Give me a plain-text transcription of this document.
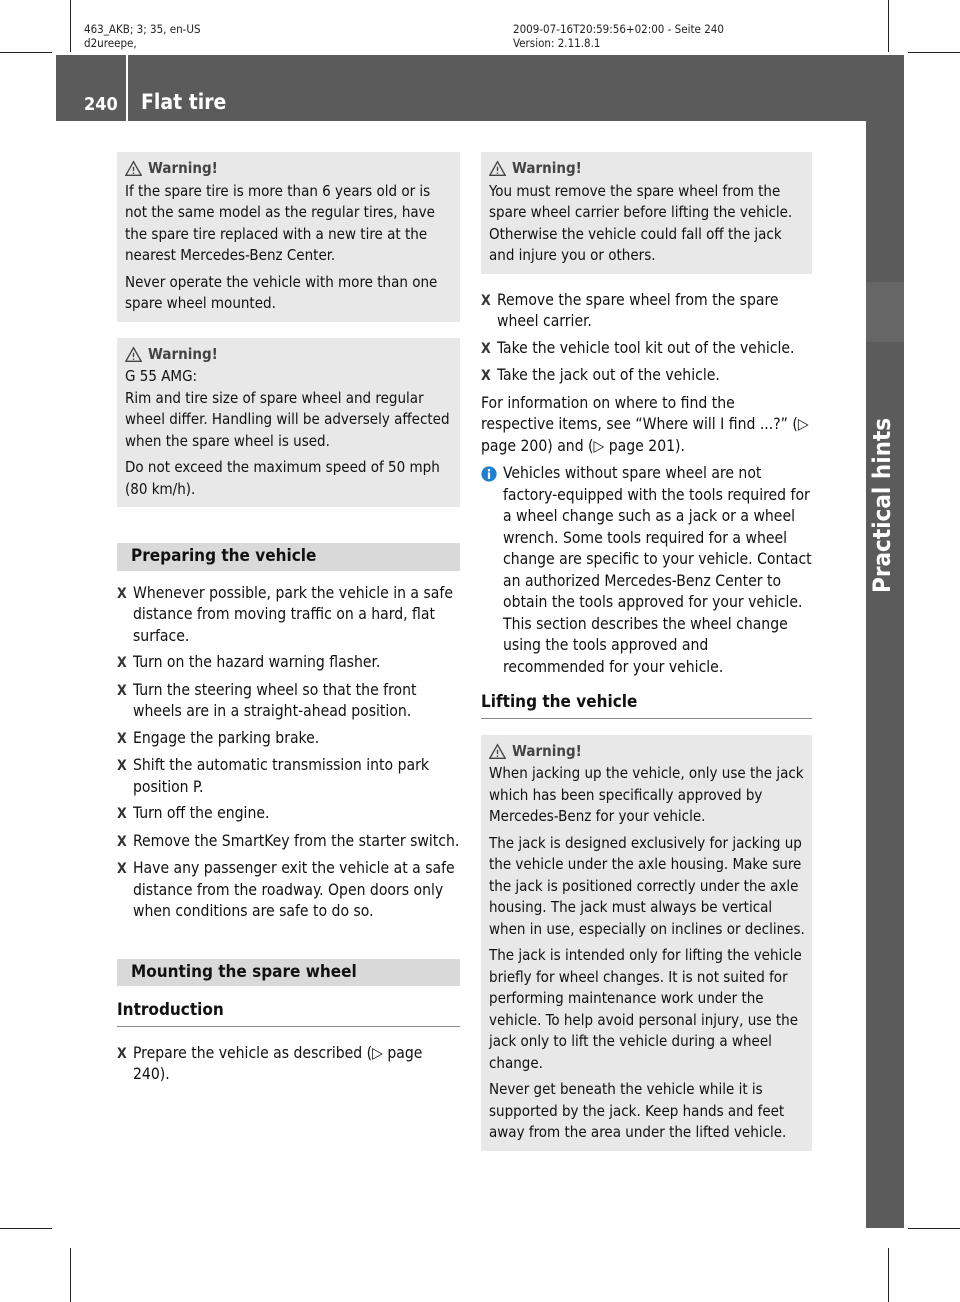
463_AKB; 3; 35, en-US
d2ureepe,
2009-07-16T20:59:56+02:00 - Seite 240
Version: 2.11.8.1
240 Flat tire
Practical hints
Warning!

If the spare tire is more than 6 years old or is not the same model as the regular tires, have the spare tire replaced with a new tire at the nearest Mercedes-Benz Center.

Never operate the vehicle with more than one spare wheel mounted.

Warning!

G 55 AMG:

Rim and tire size of spare wheel and regular wheel differ. Handling will be adversely affected when the spare wheel is used.

Do not exceed the maximum speed of 50 mph (80 km/h).

Preparing the vehicle
X Whenever possible, park the vehicle in a safe distance from moving traffic on a hard, flat surface.
X Turn on the hazard warning flasher.
X Turn the steering wheel so that the front wheels are in a straight-ahead position.
X Engage the parking brake.
X Shift the automatic transmission into park position P.
X Turn off the engine.
X Remove the SmartKey from the starter switch.
X Have any passenger exit the vehicle at a safe distance from the roadway. Open doors only when conditions are safe to do so.
Mounting the spare wheel
Introduction
X Prepare the vehicle as described (▷ page 240).
Warning!

You must remove the spare wheel from the spare wheel carrier before lifting the vehicle. Otherwise the vehicle could fall off the jack and injure you or others.

X Remove the spare wheel from the spare wheel carrier.
X Take the vehicle tool kit out of the vehicle.
X Take the jack out of the vehicle.

For information on where to find the respective items, see “Where will I find ...?” (▷ page 200) and (▷ page 201).

Vehicles without spare wheel are not factory-equipped with the tools required for a wheel change such as a jack or a wheel wrench. Some tools required for a wheel change are specific to your vehicle. Contact an authorized Mercedes-Benz Center to obtain the tools approved for your vehicle. This section describes the wheel change using the tools approved and recommended for your vehicle.
Lifting the vehicle
Warning!

When jacking up the vehicle, only use the jack which has been specifically approved by Mercedes-Benz for your vehicle.

The jack is designed exclusively for jacking up the vehicle under the axle housing. Make sure the jack is positioned correctly under the axle housing. The jack must always be vertical when in use, especially on inclines or declines.

The jack is intended only for lifting the vehicle briefly for wheel changes. It is not suited for performing maintenance work under the vehicle. To help avoid personal injury, use the jack only to lift the vehicle during a wheel change.

Never get beneath the vehicle while it is supported by the jack. Keep hands and feet away from the area under the lifted vehicle.
